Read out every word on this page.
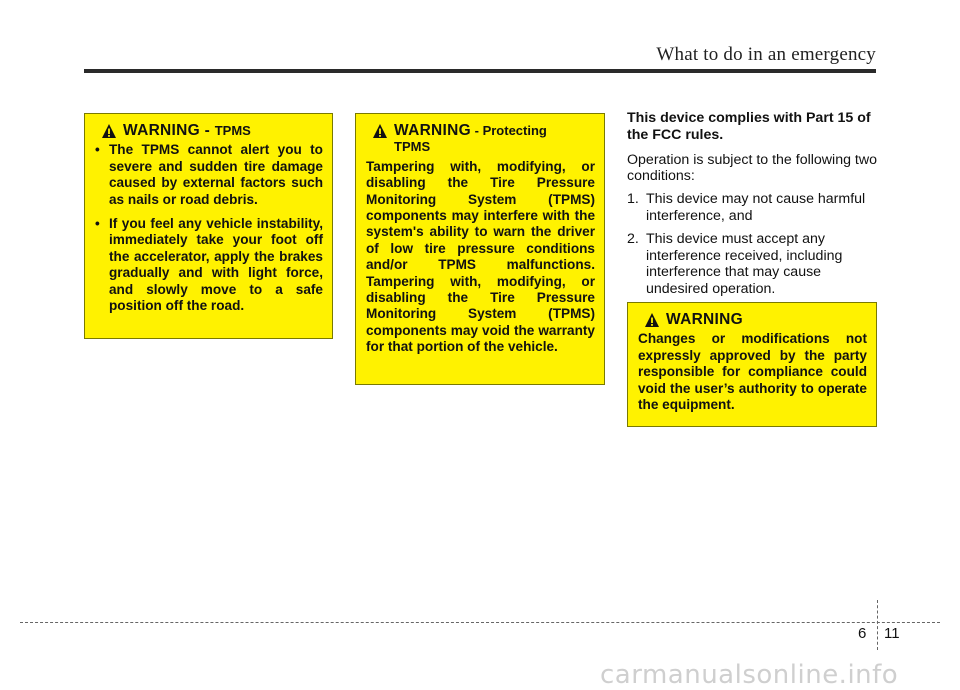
What to do in an emergency
WARNING - TPMS
• The TPMS cannot alert you to severe and sudden tire damage caused by external factors such as nails or road debris.
• If you feel any vehicle instability, immediately take your foot off the accelerator, apply the brakes gradually and with light force, and slowly move to a safe position off the road.
WARNING - Protecting TPMS
Tampering with, modifying, or disabling the Tire Pressure Monitoring System (TPMS) components may interfere with the system's ability to warn the driver of low tire pressure conditions and/or TPMS malfunctions. Tampering with, modifying, or disabling the Tire Pressure Monitoring System (TPMS) components may void the warranty for that portion of the vehicle.
This device complies with Part 15 of the FCC rules.

Operation is subject to the following two conditions:

1. This device may not cause harmful interference, and
2. This device must accept any interference received, including interference that may cause undesired operation.
WARNING
Changes or modifications not expressly approved by the party responsible for compliance could void the user’s authority to operate the equipment.
6 11
carmanualsonline.info
